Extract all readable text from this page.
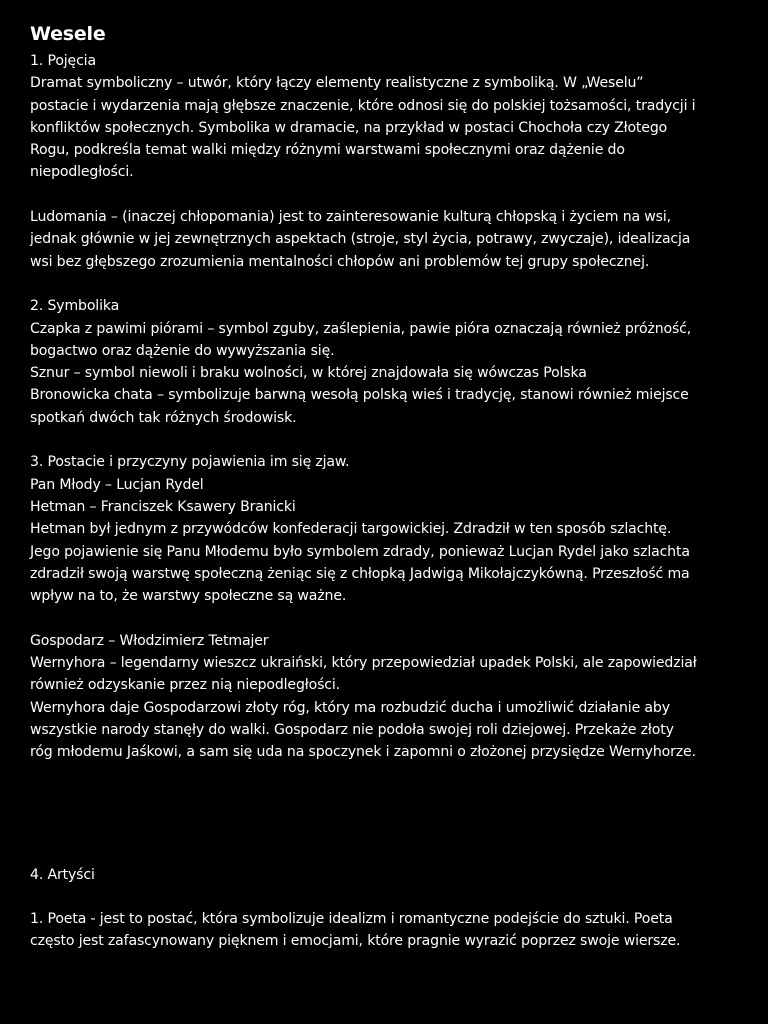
Wesele
1. Pojęcia
Dramat symboliczny – utwór, który łączy elementy realistyczne z symboliką. W „Weselu”
postacie i wydarzenia mają głębsze znaczenie, które odnosi się do polskiej tożsamości, tradycji i
konfliktów społecznych. Symbolika w dramacie, na przykład w postaci Chochoła czy Złotego
Rogu, podkreśla temat walki między różnymi warstwami społecznymi oraz dążenie do
niepodległości.
Ludomania – (inaczej chłopomania) jest to zainteresowanie kulturą chłopską i życiem na wsi,
jednak głównie w jej zewnętrznych aspektach (stroje, styl życia, potrawy, zwyczaje), idealizacja
wsi bez głębszego zrozumienia mentalności chłopów ani problemów tej grupy społecznej.
2. Symbolika
Czapka z pawimi piórami – symbol zguby, zaślepienia, pawie pióra oznaczają również próżność,
bogactwo oraz dążenie do wywyższania się.
Sznur – symbol niewoli i braku wolności, w której znajdowała się wówczas Polska
Bronowicka chata – symbolizuje barwną wesołą polską wieś i tradycję, stanowi również miejsce
spotkań dwóch tak różnych środowisk.
3. Postacie i przyczyny pojawienia im się zjaw.
Pan Młody – Lucjan Rydel
Hetman – Franciszek Ksawery Branicki
Hetman był jednym z przywódców konfederacji targowickiej. Zdradził w ten sposób szlachtę.
Jego pojawienie się Panu Młodemu było symbolem zdrady, ponieważ Lucjan Rydel jako szlachta
zdradził swoją warstwę społeczną żeniąc się z chłopką Jadwigą Mikołajczykówną. Przeszłość ma
wpływ na to, że warstwy społeczne są ważne.
Gospodarz – Włodzimierz Tetmajer
Wernyhora – legendarny wieszcz ukraiński, który przepowiedział upadek Polski, ale zapowiedział
również odzyskanie przez nią niepodległości.
Wernyhora daje Gospodarzowi złoty róg, który ma rozbudzić ducha i umożliwić działanie aby
wszystkie narody stanęły do walki. Gospodarz nie podoła swojej roli dziejowej. Przekaże złoty
róg młodemu Jaśkowi, a sam się uda na spoczynek i zapomni o złożonej przysiędze Wernyhorze.
4. Artyści
1. Poeta - jest to postać, która symbolizuje idealizm i romantyczne podejście do sztuki. Poeta
często jest zafascynowany pięknem i emocjami, które pragnie wyrazić poprzez swoje wiersze.
